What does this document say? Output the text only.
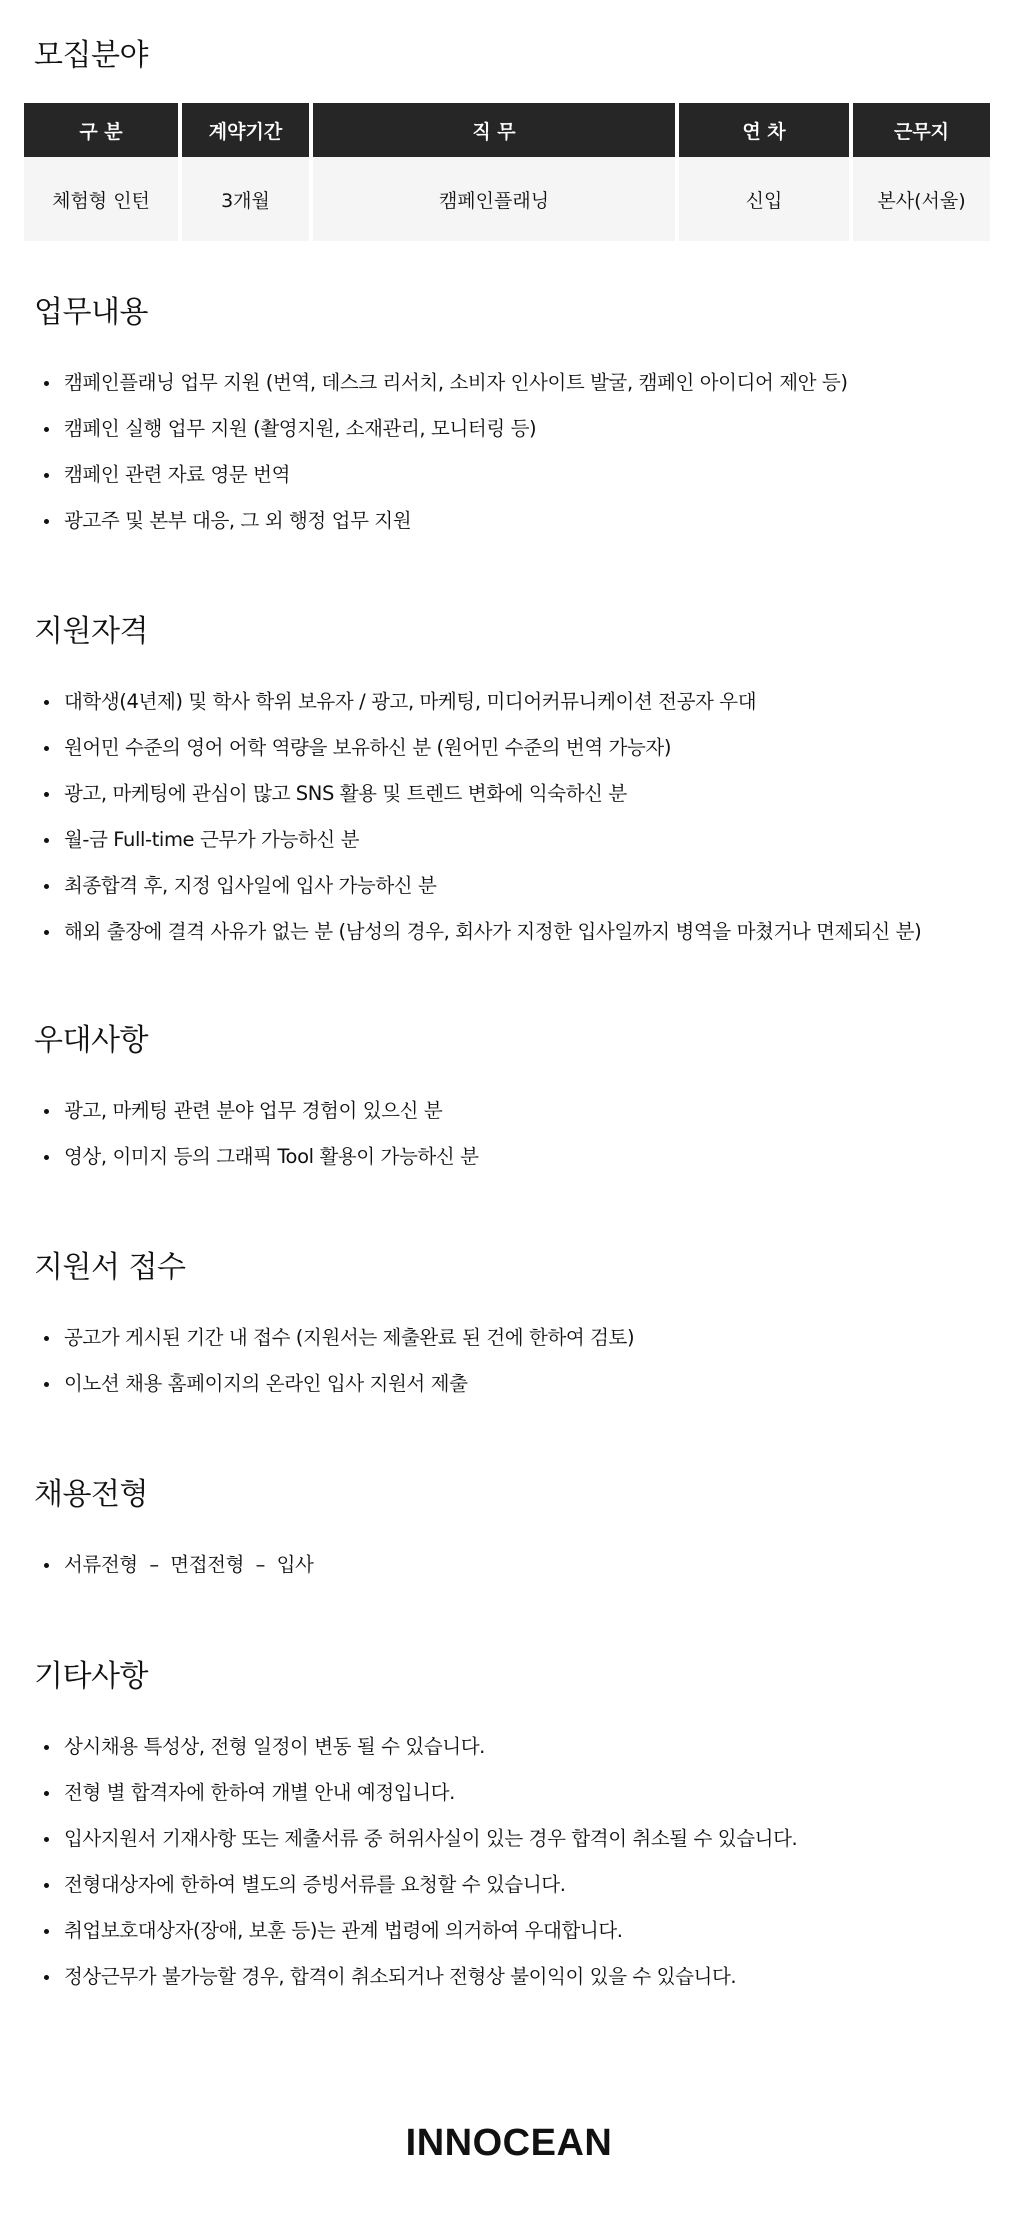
모집분야
구 분	계약기간	직 무	연 차	근무지
체험형 인턴	3개월	캠페인플래닝	신입	본사(서울)
업무내용
캠페인플래닝 업무 지원 (번역, 데스크 리서치, 소비자 인사이트 발굴, 캠페인 아이디어 제안 등)
캠페인 실행 업무 지원 (촬영지원, 소재관리, 모니터링 등)
캠페인 관련 자료 영문 번역
광고주 및 본부 대응, 그 외 행정 업무 지원
지원자격
대학생(4년제) 및 학사 학위 보유자 / 광고, 마케팅, 미디어커뮤니케이션 전공자 우대
원어민 수준의 영어 어학 역량을 보유하신 분 (원어민 수준의 번역 가능자)
광고, 마케팅에 관심이 많고 SNS 활용 및 트렌드 변화에 익숙하신 분
월-금 Full-time 근무가 가능하신 분
최종합격 후, 지정 입사일에 입사 가능하신 분
해외 출장에 결격 사유가 없는 분 (남성의 경우, 회사가 지정한 입사일까지 병역을 마쳤거나 면제되신 분)
우대사항
광고, 마케팅 관련 분야 업무 경험이 있으신 분
영상, 이미지 등의 그래픽 Tool 활용이 가능하신 분
지원서 접수
공고가 게시된 기간 내 접수 (지원서는 제출완료 된 건에 한하여 검토)
이노션 채용 홈페이지의 온라인 입사 지원서 제출
채용전형
서류전형  –  면접전형  –  입사
기타사항
상시채용 특성상, 전형 일정이 변동 될 수 있습니다.
전형 별 합격자에 한하여 개별 안내 예정입니다.
입사지원서 기재사항 또는 제출서류 중 허위사실이 있는 경우 합격이 취소될 수 있습니다.
전형대상자에 한하여 별도의 증빙서류를 요청할 수 있습니다.
취업보호대상자(장애, 보훈 등)는 관계 법령에 의거하여 우대합니다.
정상근무가 불가능할 경우, 합격이 취소되거나 전형상 불이익이 있을 수 있습니다.
INNOCEAN
